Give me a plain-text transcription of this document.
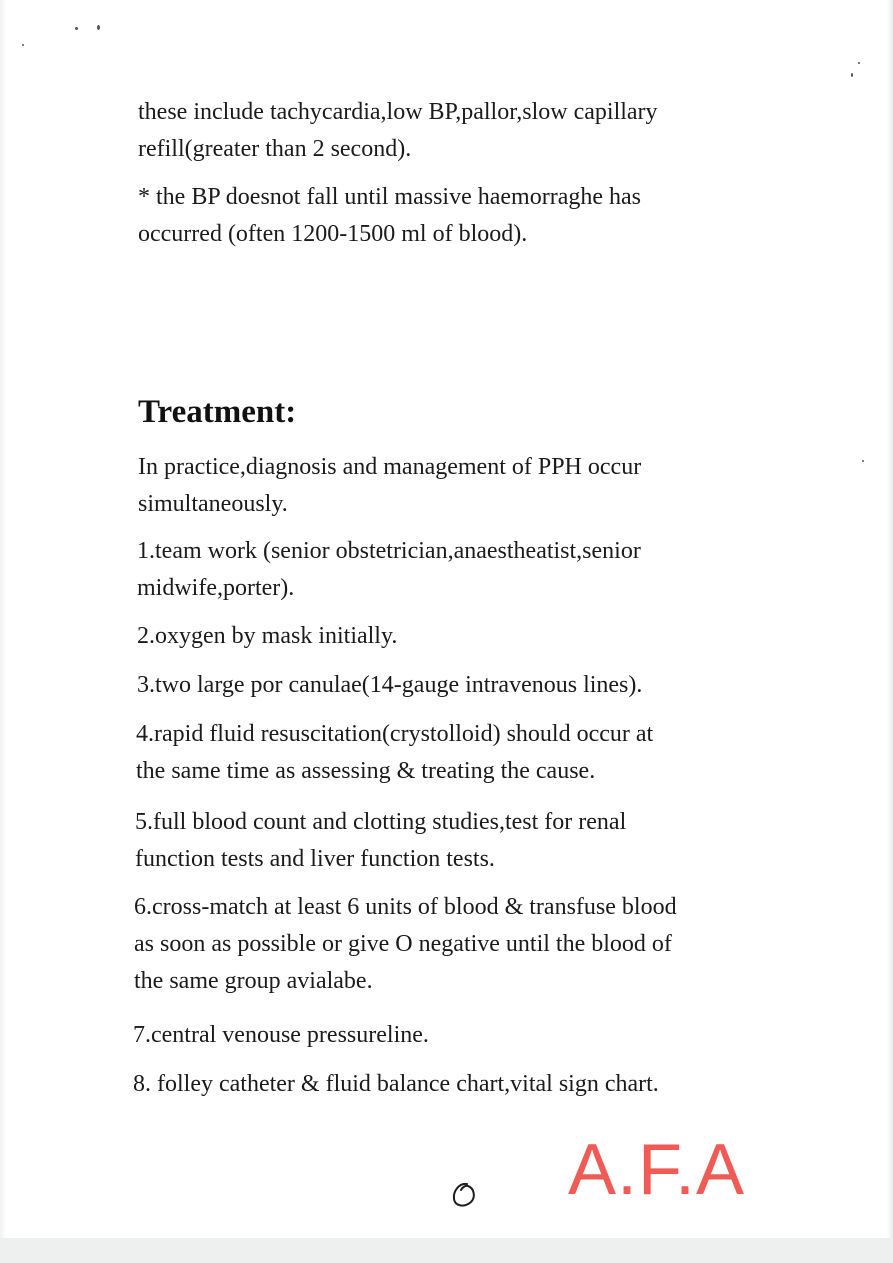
these include tachycardia,low BP,pallor,slow capillary
refill(greater than 2 second).

* the BP doesnot fall until massive haemorraghe has
occurred (often 1200-1500 ml of blood).

Treatment:

In practice,diagnosis and management of PPH occur
simultaneously.

1.team work (senior obstetrician,anaestheatist,senior
midwife,porter).

2.oxygen by mask initially.

3.two large por canulae(14-gauge intravenous lines).

4.rapid fluid resuscitation(crystolloid) should occur at
the same time as assessing & treating the cause.

5.full blood count and clotting studies,test for renal
function tests and liver function tests.

6.cross-match at least 6 units of blood & transfuse blood
as soon as possible or give O negative until the blood of
the same group avialabe.

7.central venouse pressureline.

8. folley catheter & fluid balance chart,vital sign chart.

A.F.A
